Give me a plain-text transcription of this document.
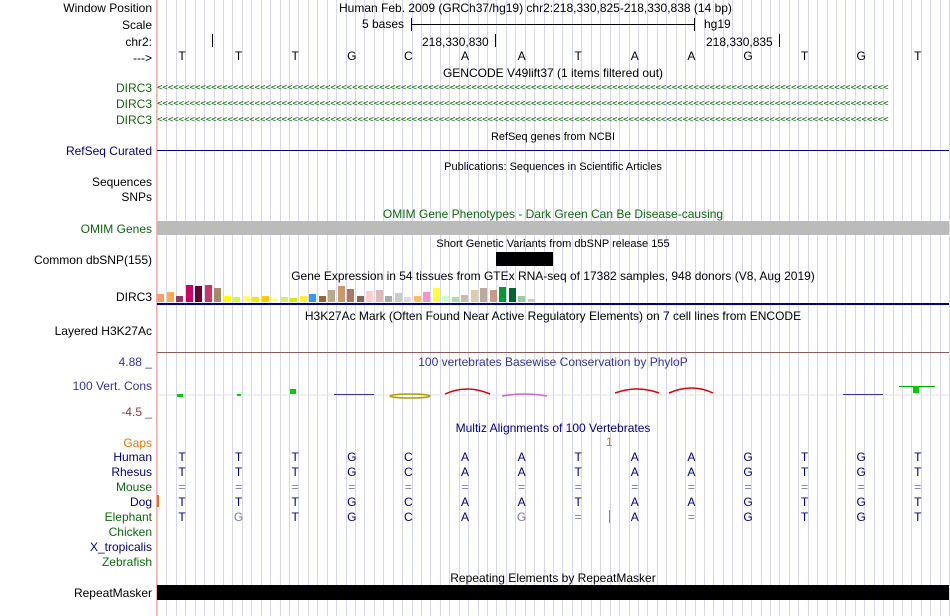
Window Position	Human Feb. 2009 (GRCh37/hg19) chr2:218,330,825-218,330,838 (14 bp)
Scale	5 bases	hg19
chr2:	218,330,830	218,330,835
---> T	T	T	G	C	A	A	T	A	A	G	T	G	T
GENCODE V49lift37 (1 items filtered out)
DIRC3
DIRC3
DIRC3
<<<<<<<<<<<<<<<<<<<<<<<<<<<<<<<<<<<<<<<<<<<<<<<<<<<<<<<<<<<<<<<<<<<<<<<<<<<<<<<<<<<<<<<<<<<<<<<<<<<<<<<<<<<<<<<<<<<<<<<<<<<<<<<<<<<<<<<
<<<<<<<<<<<<<<<<<<<<<<<<<<<<<<<<<<<<<<<<<<<<<<<<<<<<<<<<<<<<<<<<<<<<<<<<<<<<<<<<<<<<<<<<<<<<<<<<<<<<<<<<<<<<<<<<<<<<<<<<<<<<<<<<<<<<<<<
<<<<<<<<<<<<<<<<<<<<<<<<<<<<<<<<<<<<<<<<<<<<<<<<<<<<<<<<<<<<<<<<<<<<<<<<<<<<<<<<<<<<<<<<<<<<<<<<<<<<<<<<<<<<<<<<<<<<<<<<<<<<<<<<<<<<<<<
RefSeq genes from NCBI
RefSeq Curated
Publications: Sequences in Scientific Articles
Sequences
SNPs
OMIM Gene Phenotypes - Dark Green Can Be Disease-causing
OMIM Genes
Short Genetic Variants from dbSNP release 155
Common dbSNP(155)
Gene Expression in 54 tissues from GTEx RNA-seq of 17382 samples, 948 donors (V8, Aug 2019)
DIRC3
H3K27Ac Mark (Often Found Near Active Regulatory Elements) on 7 cell lines from ENCODE
Layered H3K27Ac
100 vertebrates Basewise Conservation by PhyloP
4.88 _
100 Vert. Cons
-4.5 _
Multiz Alignments of 100 Vertebrates
Gaps	1
Human T	T	T	G	C	A	A	T	A	A	G	T	G	T
Rhesus T	T	T	G	C	A	A	T	A	A	G	T	G	T
Mouse =	=	=	=	=	=	=	=	=	=	=	=	=	=
Dog T	T	T	G	C	A	A	T	A	A	G	T	G	T
Elephant T	G	T	G	C	A	G	=	A	=	G	T	G	T
Chicken
X_tropicalis
Zebrafish
Repeating Elements by RepeatMasker
RepeatMasker
